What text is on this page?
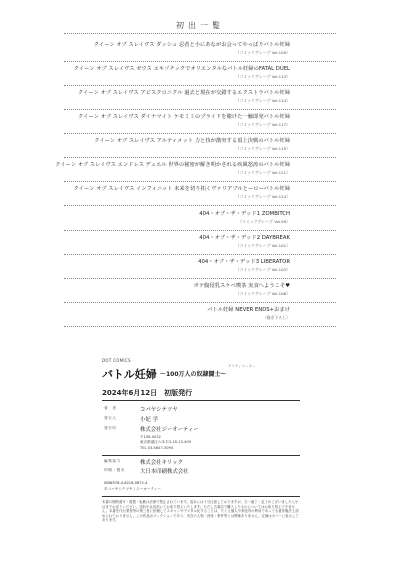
初出一覧
クイーン オブ スレイヴス ダッシュ 忍者と小にあながお会ってやっぱりバトル妊婦
（コミックグレーブ Vol.109）
クイーン オブ スレイヴス ゼウス エキゾチックでオリエンタルなバトル妊婦のFATAL DUEL
（コミックグレーブ Vol.113）
クイーン オブ スレイヴス アビスクロニクル 過去と現在が交錯するエクストラバトル妊婦
（コミックグレーブ Vol.114）
クイーン オブ スレイヴス ダイナマイト ケモミミのプライドを賭けた一触即発バトル妊婦
（コミックグレーブ Vol.117）
クイーン オブ スレイヴス アルティメット 力と技が激突する頂上決戦のバトル妊婦
（コミックグレーブ Vol.119）
クイーン オブ スレイヴス エンドレス デュエル 世界の秘密が解き明かされる疾風怒涛のバトル妊婦
（コミックグレーブ Vol.121）
クイーン オブ スレイヴス インフィニット 未来を切り拓くヴァリアブルとーローバトル妊婦
（コミックグレーブ Vol.124）
404・オブ・ザ・デッド1 ZOMBITCH
（コミックグレーブ Vol.99）
404・オブ・ザ・デッド2 DAYBREAK
（コミックグレーブ Vol.101）
404・オブ・ザ・デッド3 LIBERATOR
（コミックグレーブ Vol.103）
ボテ腹侵乳スケベ喫茶 実食へようこそ♥
（コミックグレーブ Vol.106）
バトル妊婦 NEVER ENDS+おまけ
（描き下ろし）
DOT COMICS
バトル妊婦
グラディエーター
〜100万人の奴隷闘士〜
2024年6月12日　初版発行
著　者	コバヤシテツヤ
発行人	小妃 学
発行所	株式会社ジーオーティー
〒106-0032
東京都港区六本木3-16-13-409
TEL 03-5847-3094
編集協力	株式会社キリック
印刷・製本	大日本印刷株式会社
ISBN978-4-8216-0872-4
©コバヤシテツヤ / ジーオーティー

本書の無断複写・複製・転載は法律で禁止されています。造本には十分注意しておりますが、万一落丁・乱丁がございましたら小社までお送りください。送料小社負担にてお取り替えいたします。ただし古書店で購入したものについてはお取り替えできません。本書を代行業者等の第三者に依頼してスキャンやデジタル化することは、たとえ個人や家庭内の利用であっても著作権法上認められておりません。この作品はフィクションであり、実在の人物・団体・事件等とは関係ありません。定価はカバーに表示してあります。
